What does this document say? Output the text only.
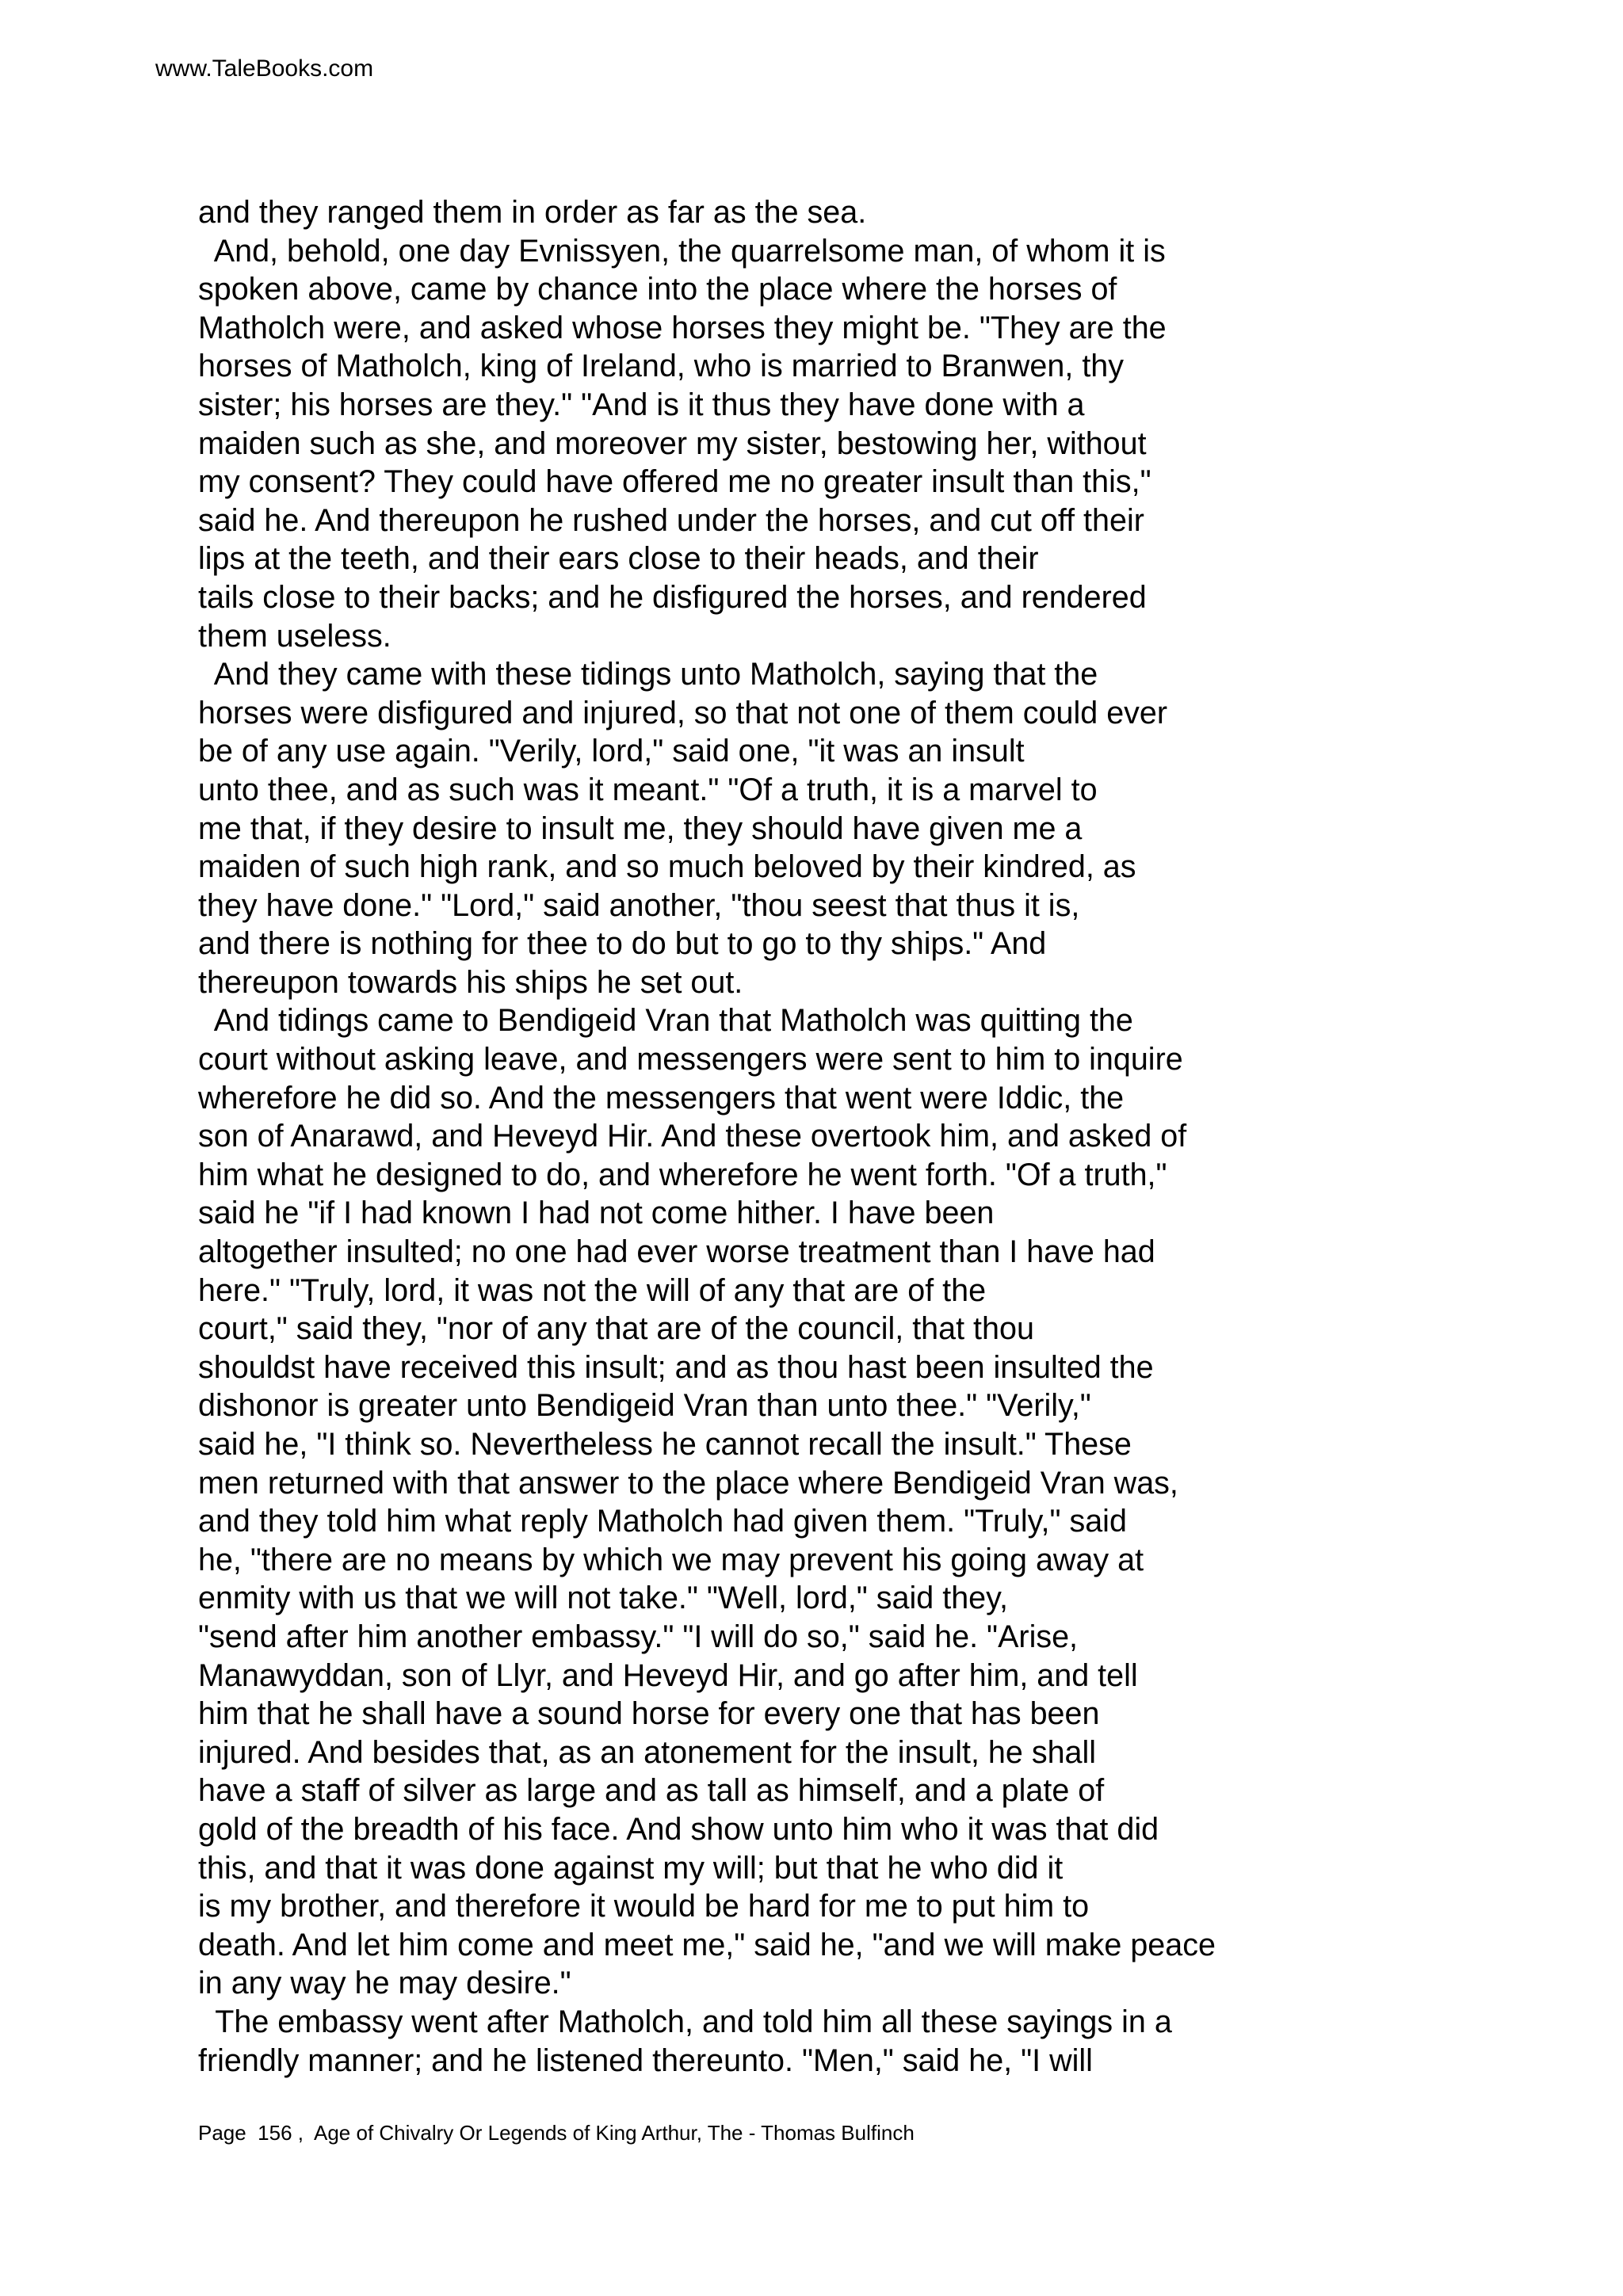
www.TaleBooks.com
and they ranged them in order as far as the sea.
And, behold, one day Evnissyen, the quarrelsome man, of whom it is
spoken above, came by chance into the place where the horses of
Matholch were, and asked whose horses they might be. "They are the
horses of Matholch, king of Ireland, who is married to Branwen, thy
sister; his horses are they." "And is it thus they have done with a
maiden such as she, and moreover my sister, bestowing her, without
my consent? They could have offered me no greater insult than this,"
said he. And thereupon he rushed under the horses, and cut off their
lips at the teeth, and their ears close to their heads, and their
tails close to their backs; and he disfigured the horses, and rendered
them useless.
And they came with these tidings unto Matholch, saying that the
horses were disfigured and injured, so that not one of them could ever
be of any use again. "Verily, lord," said one, "it was an insult
unto thee, and as such was it meant." "Of a truth, it is a marvel to
me that, if they desire to insult me, they should have given me a
maiden of such high rank, and so much beloved by their kindred, as
they have done." "Lord," said another, "thou seest that thus it is,
and there is nothing for thee to do but to go to thy ships." And
thereupon towards his ships he set out.
And tidings came to Bendigeid Vran that Matholch was quitting the
court without asking leave, and messengers were sent to him to inquire
wherefore he did so. And the messengers that went were Iddic, the
son of Anarawd, and Heveyd Hir. And these overtook him, and asked of
him what he designed to do, and wherefore he went forth. "Of a truth,"
said he "if I had known I had not come hither. I have been
altogether insulted; no one had ever worse treatment than I have had
here." "Truly, lord, it was not the will of any that are of the
court," said they, "nor of any that are of the council, that thou
shouldst have received this insult; and as thou hast been insulted the
dishonor is greater unto Bendigeid Vran than unto thee." "Verily,"
said he, "I think so. Nevertheless he cannot recall the insult." These
men returned with that answer to the place where Bendigeid Vran was,
and they told him what reply Matholch had given them. "Truly," said
he, "there are no means by which we may prevent his going away at
enmity with us that we will not take." "Well, lord," said they,
"send after him another embassy." "I will do so," said he. "Arise,
Manawyddan, son of Llyr, and Heveyd Hir, and go after him, and tell
him that he shall have a sound horse for every one that has been
injured. And besides that, as an atonement for the insult, he shall
have a staff of silver as large and as tall as himself, and a plate of
gold of the breadth of his face. And show unto him who it was that did
this, and that it was done against my will; but that he who did it
is my brother, and therefore it would be hard for me to put him to
death. And let him come and meet me," said he, "and we will make peace
in any way he may desire."
The embassy went after Matholch, and told him all these sayings in a
friendly manner; and he listened thereunto. "Men," said he, "I will
Page  156 ,  Age of Chivalry Or Legends of King Arthur, The - Thomas Bulfinch
